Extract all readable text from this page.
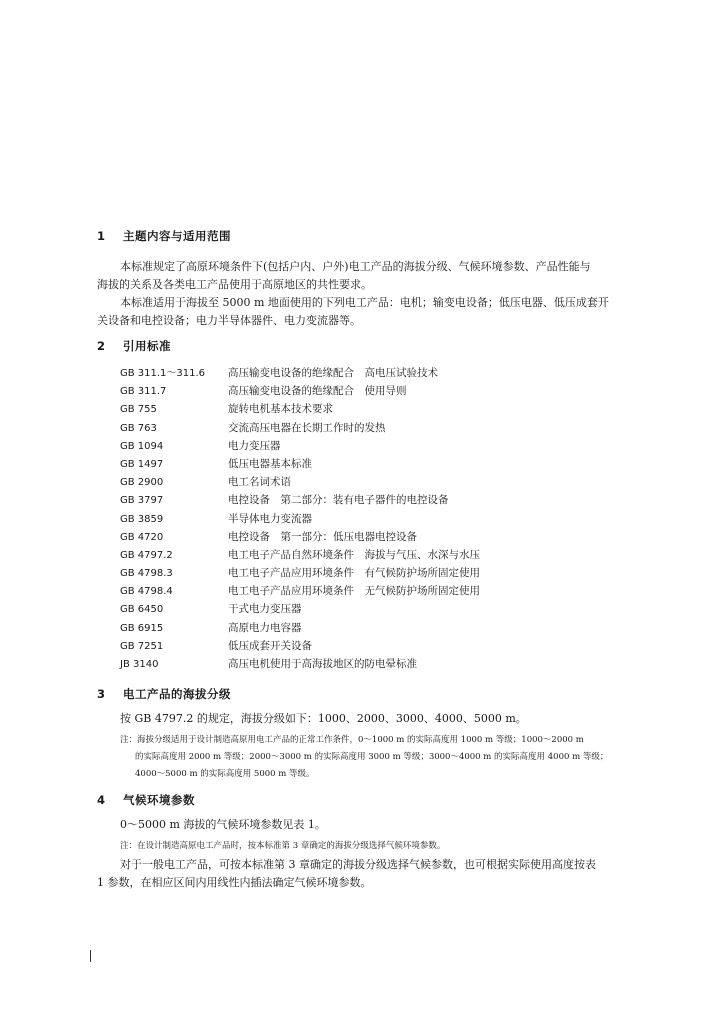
1 主题内容与适用范围
本标准规定了高原环境条件下(包括户内、户外)电工产品的海拔分级、气候环境参数、产品性能与
海拔的关系及各类电工产品使用于高原地区的共性要求。
本标准适用于海拔至 5000 m 地面使用的下列电工产品：电机；输变电设备；低压电器、低压成套开
关设备和电控设备；电力半导体器件、电力变流器等。
2 引用标准
GB 311.1～311.6 高压输变电设备的绝缘配合　高电压试验技术
GB 311.7	高压输变电设备的绝缘配合　使用导则
GB 755	旋转电机基本技术要求
GB 763	交流高压电器在长期工作时的发热
GB 1094	电力变压器
GB 1497	低压电器基本标准
GB 2900	电工名词术语
GB 3797	电控设备　第二部分：装有电子器件的电控设备
GB 3859	半导体电力变流器
GB 4720	电控设备　第一部分：低压电器电控设备
GB 4797.2	电工电子产品自然环境条件　海拔与气压、水深与水压
GB 4798.3	电工电子产品应用环境条件　有气候防护场所固定使用
GB 4798.4	电工电子产品应用环境条件　无气候防护场所固定使用
GB 6450	干式电力变压器
GB 6915	高原电力电容器
GB 7251	低压成套开关设备
JB 3140	高压电机使用于高海拔地区的防电晕标准
3 电工产品的海拔分级
按 GB 4797.2 的规定，海拔分级如下：1000、2000、3000、4000、5000 m。
注：海拔分级适用于设计制造高原用电工产品的正常工作条件，0～1000 m 的实际高度用 1000 m 等级；1000～2000 m
的实际高度用 2000 m 等级；2000～3000 m 的实际高度用 3000 m 等级；3000～4000 m 的实际高度用 4000 m 等级；
4000～5000 m 的实际高度用 5000 m 等级。
4 气候环境参数
0～5000 m 海拔的气候环境参数见表 1。
注：在设计制造高原电工产品时，按本标准第 3 章确定的海拔分级选择气候环境参数。
对于一般电工产品，可按本标准第 3 章确定的海拔分级选择气候参数，也可根据实际使用高度按表
1 参数，在相应区间内用线性内插法确定气候环境参数。
